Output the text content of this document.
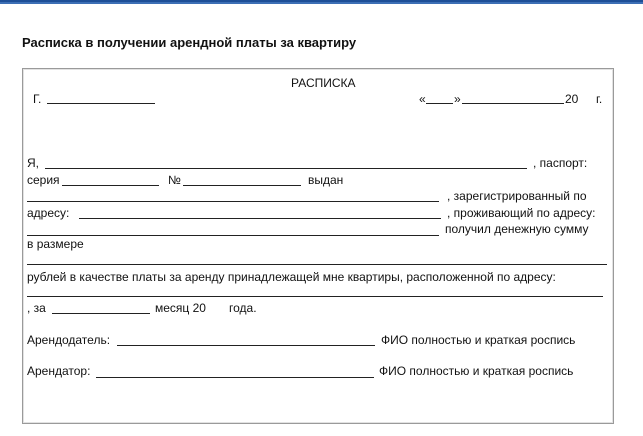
Расписка в получении арендной платы за квартиру
РАСПИСКА
Г.	« »	20 г.
Я,	, паспорт:
серия	№	выдан
, зарегистрированный по
адресу:	, проживающий по адресу:
получил денежную сумму
в размере
рублей в качестве платы за аренду принадлежащей мне квартиры, расположенной по адресу:
, за	месяц 20 года.
Арендодатель:	ФИО полностью и краткая роспись
Арендатор:	ФИО полностью и краткая роспись
